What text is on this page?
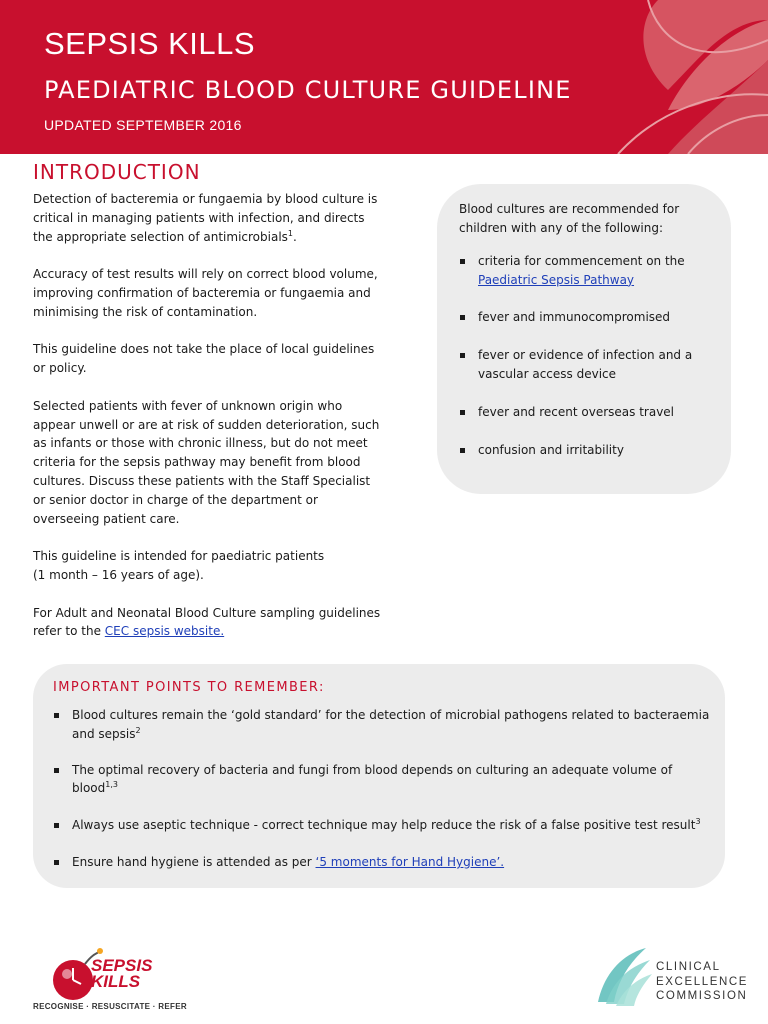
SEPSIS KILLS
PAEDIATRIC BLOOD CULTURE GUIDELINE
UPDATED SEPTEMBER 2016
INTRODUCTION

Detection of bacteremia or fungaemia by blood culture is critical in managing patients with infection, and directs the appropriate selection of antimicrobials$^1$.

Accuracy of test results will rely on correct blood volume, improving confirmation of bacteremia or fungaemia and minimising the risk of contamination.

This guideline does not take the place of local guidelines or policy.

Selected patients with fever of unknown origin who appear unwell or are at risk of sudden deterioration, such as infants or those with chronic illness, but do not meet criteria for the sepsis pathway may benefit from blood cultures. Discuss these patients with the Staff Specialist or senior doctor in charge of the department or overseeing patient care.

This guideline is intended for paediatric patients
(1 month – 16 years of age).

For Adult and Neonatal Blood Culture sampling guidelines refer to the CEC sepsis website.

Blood cultures are recommended for children with any of the following:
criteria for commencement on the
Paediatric Sepsis Pathway
fever and immunocompromised
fever or evidence of infection and a vascular access device
fever and recent overseas travel
confusion and irritability
IMPORTANT POINTS TO REMEMBER:
Blood cultures remain the ‘gold standard’ for the detection of microbial pathogens related to bacteraemia and sepsis$^2$
The optimal recovery of bacteria and fungi from blood depends on culturing an adequate volume of blood$^{1,3}$
Always use aseptic technique - correct technique may help reduce the risk of a false positive test result$^3$
Ensure hand hygiene is attended as per ‘5 moments for Hand Hygiene’.
SEPSIS
KILLS
RECOGNISE · RESUSCITATE · REFER
CLINICAL
EXCELLENCE
COMMISSION
